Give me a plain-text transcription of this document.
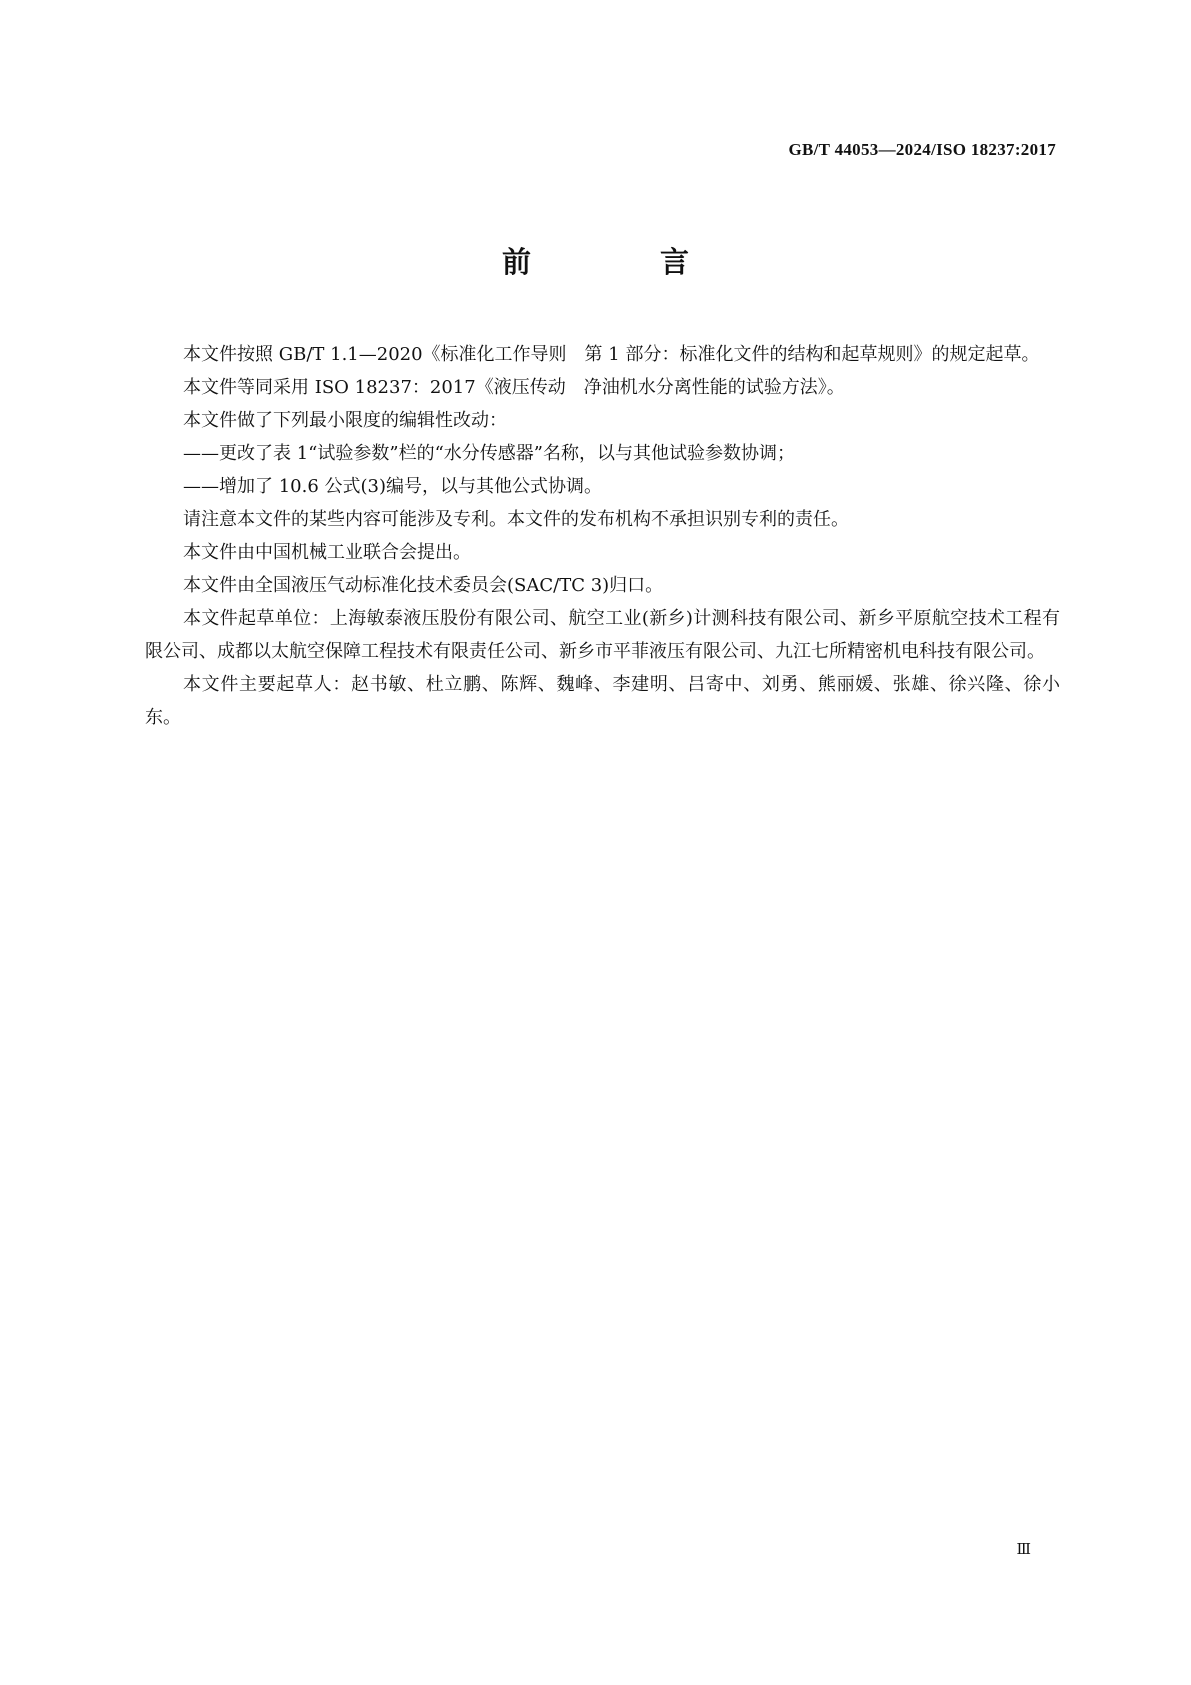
GB/T 44053—2024/ISO 18237:2017
前　言

本文件按照 GB/T 1.1—2020《标准化工作导则　第 1 部分：标准化文件的结构和起草规则》的规定起草。

本文件等同采用 ISO 18237：2017《液压传动　净油机水分离性能的试验方法》。

本文件做了下列最小限度的编辑性改动：

——更改了表 1“试验参数”栏的“水分传感器”名称，以与其他试验参数协调；

——增加了 10.6 公式(3)编号，以与其他公式协调。

请注意本文件的某些内容可能涉及专利。本文件的发布机构不承担识别专利的责任。

本文件由中国机械工业联合会提出。

本文件由全国液压气动标准化技术委员会(SAC/TC 3)归口。

本文件起草单位：上海敏泰液压股份有限公司、航空工业(新乡)计测科技有限公司、新乡平原航空技术工程有限公司、成都以太航空保障工程技术有限责任公司、新乡市平菲液压有限公司、九江七所精密机电科技有限公司。

本文件主要起草人：赵书敏、杜立鹏、陈辉、魏峰、李建明、吕寄中、刘勇、熊丽媛、张雄、徐兴隆、徐小东。

Ⅲ
